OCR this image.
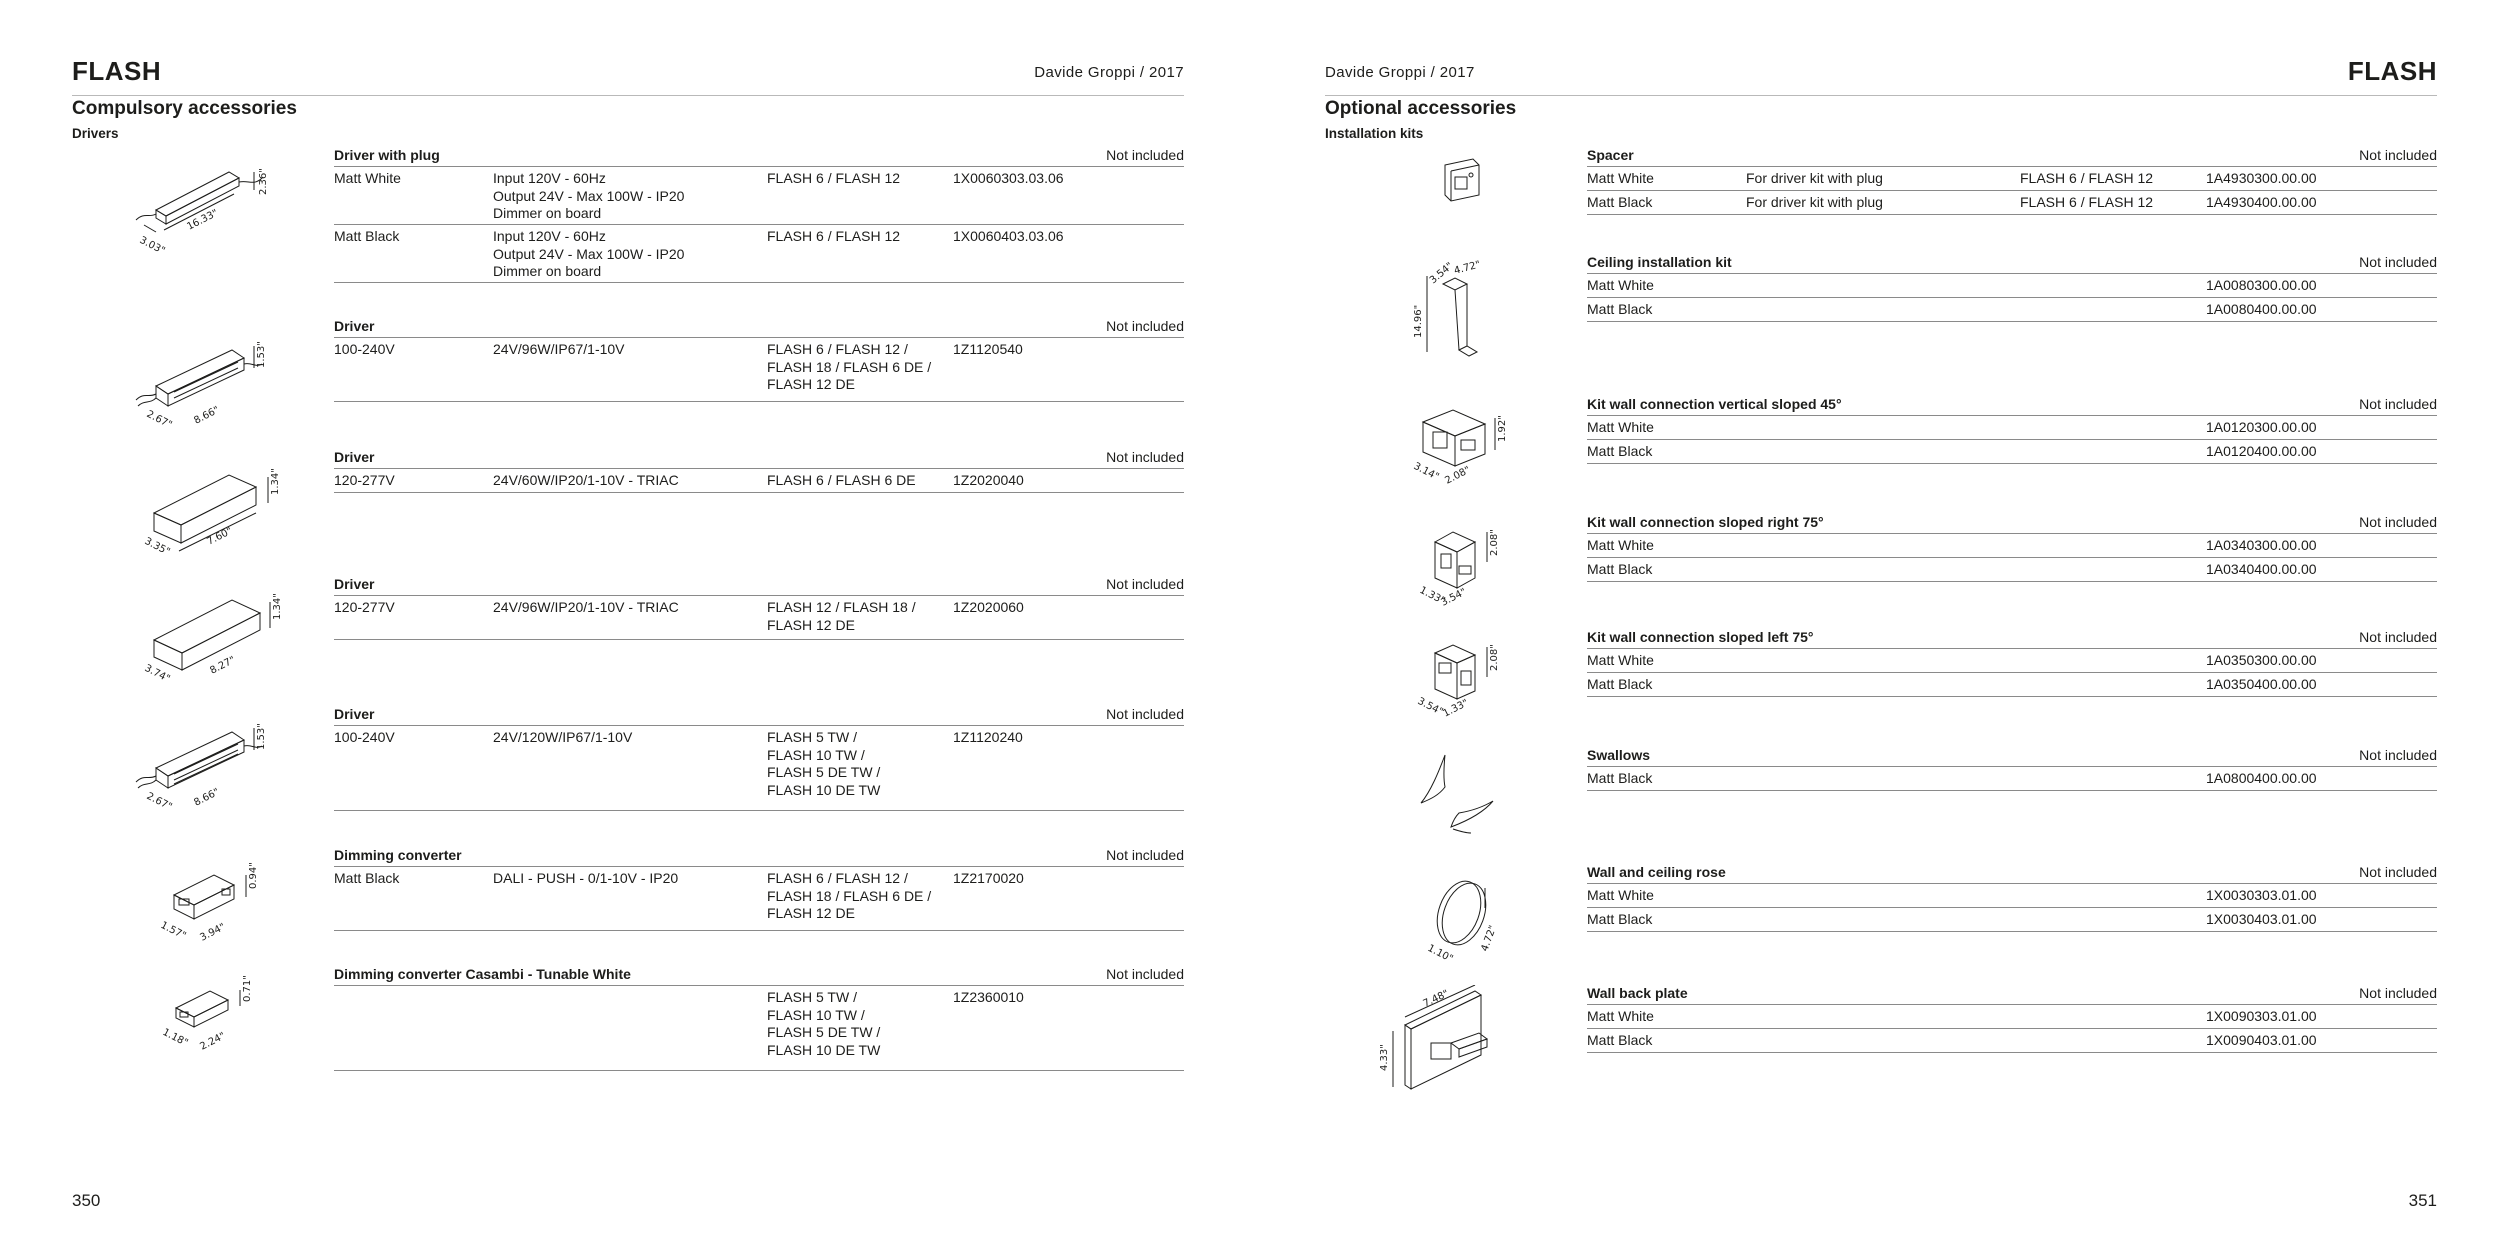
FLASH	Davide Groppi / 2017
Compulsory accessories
Drivers
16.33"
3.03"
2.36"
Driver with plug	Not included
Matt White	Input 120V - 60Hz
Output 24V - Max 100W - IP20
Dimmer on board
FLASH 6 / FLASH 12	1X0060303.03.06
Matt Black	Input 120V - 60Hz
Output 24V - Max 100W - IP20
Dimmer on board
FLASH 6 / FLASH 12	1X0060403.03.06
8.66"
2.67"
1.53"
Driver	Not included
100-240V	24V/96W/IP67/1-10V	FLASH 6 / FLASH 12 /
FLASH 18 / FLASH 6 DE /
FLASH 12 DE
1Z1120540
7.60"
3.35"
1.34"
Driver	Not included
120-277V	24V/60W/IP20/1-10V - TRIAC	FLASH 6 / FLASH 6 DE	1Z2020040
8.27"
3.74"
1.34"
Driver	Not included
120-277V	24V/96W/IP20/1-10V - TRIAC	FLASH 12 / FLASH 18 /
FLASH 12 DE
1Z2020060
8.66"
2.67"
1.53"
Driver	Not included
100-240V	24V/120W/IP67/1-10V	FLASH 5 TW /
FLASH 10 TW /
FLASH 5 DE TW /
FLASH 10 DE TW
1Z1120240
3.94"
1.57"
0.94"
Dimming converter	Not included
Matt Black	DALI - PUSH - 0/1-10V - IP20	FLASH 6 / FLASH 12 /
FLASH 18 / FLASH 6 DE /
FLASH 12 DE
1Z2170020
2.24"
1.18"
0.71"
Dimming converter Casambi - Tunable White	Not included
FLASH 5 TW /
FLASH 10 TW /
FLASH 5 DE TW /
FLASH 10 DE TW
1Z2360010
350
Davide Groppi / 2017	FLASH
Optional accessories
Installation kits
Spacer	Not included
Matt White	For driver kit with plug	FLASH 6 / FLASH 12	1A4930300.00.00
Matt Black	For driver kit with plug	FLASH 6 / FLASH 12	1A4930400.00.00
3.54"
4.72"
14.96"
Ceiling installation kit	Not included
Matt White	1A0080300.00.00
Matt Black	1A0080400.00.00
3.14" 2.08"
1.92"
Kit wall connection vertical sloped 45°	Not included
Matt White	1A0120300.00.00
Matt Black	1A0120400.00.00
1.33"
3.54"
2.08"
Kit wall connection sloped right 75°	Not included
Matt White	1A0340300.00.00
Matt Black	1A0340400.00.00
3.54"
1.33"
2.08"
Kit wall connection sloped left 75°	Not included
Matt White	1A0350300.00.00
Matt Black	1A0350400.00.00
Swallows	Not included
Matt Black	1A0800400.00.00
1.10"
4.72"
Wall and ceiling rose	Not included
Matt White	1X0030303.01.00
Matt Black	1X0030403.01.00
7.48"
4.33"
Wall back plate	Not included
Matt White	1X0090303.01.00
Matt Black	1X0090403.01.00
351
